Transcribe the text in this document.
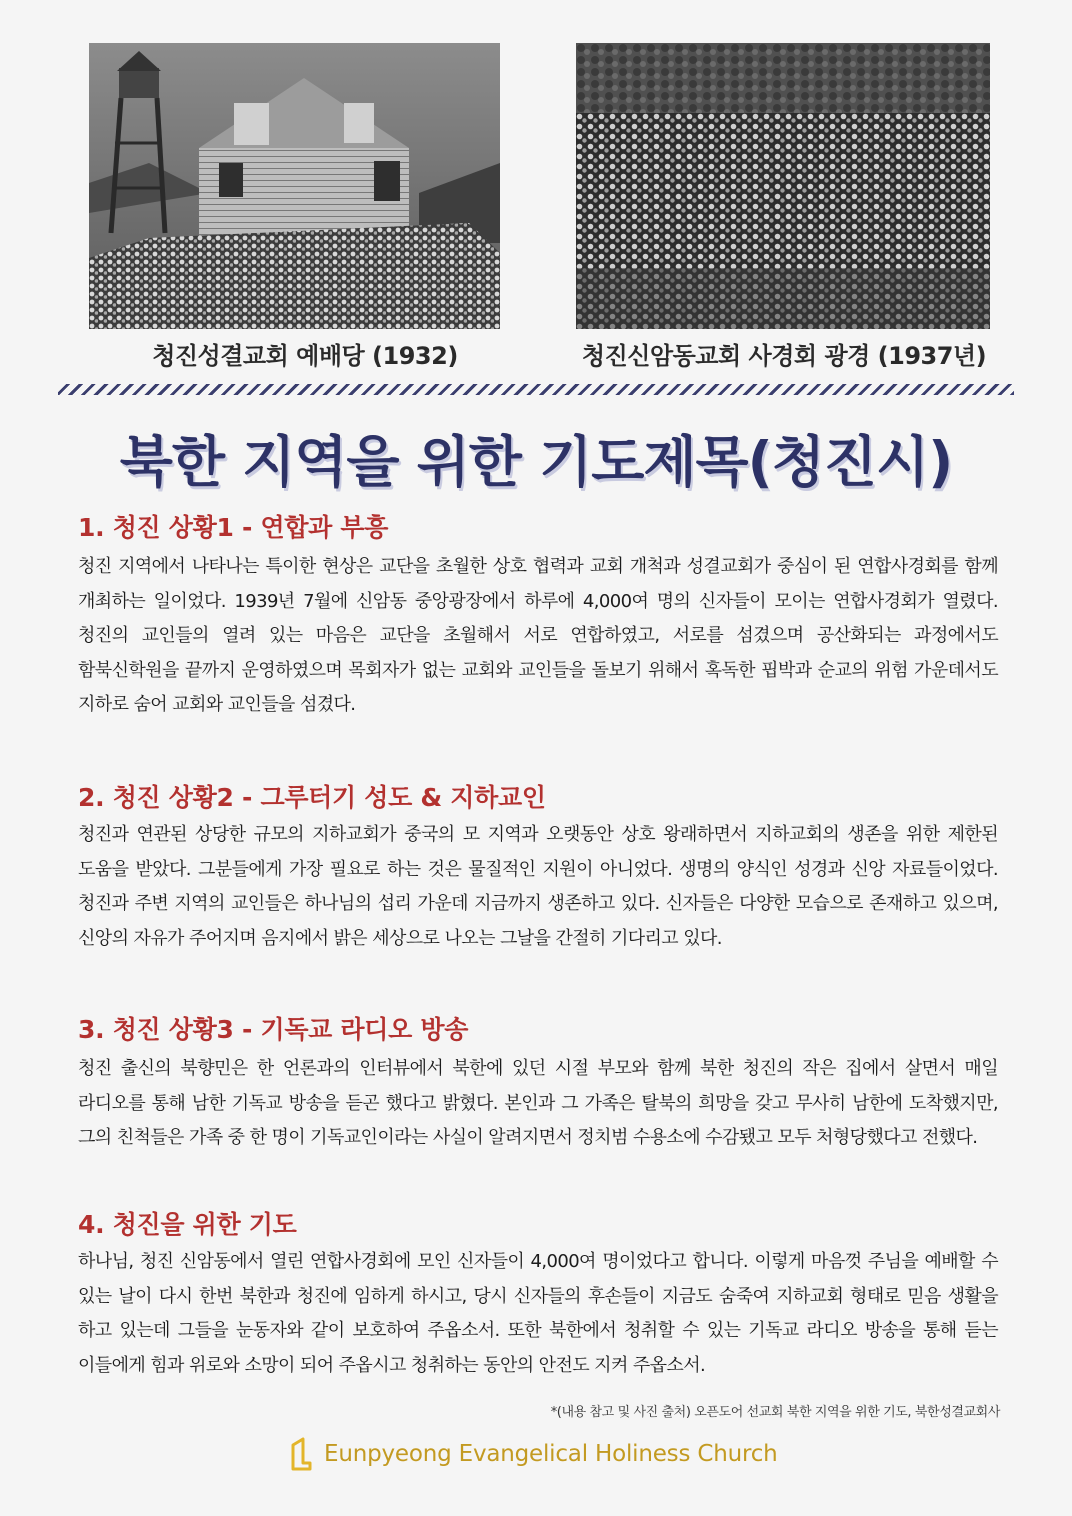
청진성결교회 예배당 (1932)	청진신암동교회 사경회 광경 (1937년)
북한 지역을 위한 기도제목(청진시)
1. 청진 상황1 - 연합과 부흥
청진 지역에서 나타나는 특이한 현상은 교단을 초월한 상호 협력과 교회 개척과 성결교회가 중심이 된 연합사경회를 함께 개최하는 일이었다. 1939년 7월에 신암동 중앙광장에서 하루에 4,000여 명의 신자들이 모이는 연합사경회가 열렸다. 청진의 교인들의 열려 있는 마음은 교단을 초월해서 서로 연합하였고, 서로를 섬겼으며 공산화되는 과정에서도 함북신학원을 끝까지 운영하였으며 목회자가 없는 교회와 교인들을 돌보기 위해서 혹독한 핍박과 순교의 위험 가운데서도 지하로 숨어 교회와 교인들을 섬겼다.
2. 청진 상황2 - 그루터기 성도 & 지하교인
청진과 연관된 상당한 규모의 지하교회가 중국의 모 지역과 오랫동안 상호 왕래하면서 지하교회의 생존을 위한 제한된 도움을 받았다. 그분들에게 가장 필요로 하는 것은 물질적인 지원이 아니었다. 생명의 양식인 성경과 신앙 자료들이었다. 청진과 주변 지역의 교인들은 하나님의 섭리 가운데 지금까지 생존하고 있다. 신자들은 다양한 모습으로 존재하고 있으며, 신앙의 자유가 주어지며 음지에서 밝은 세상으로 나오는 그날을 간절히 기다리고 있다.
3. 청진 상황3 - 기독교 라디오 방송
청진 출신의 북향민은 한 언론과의 인터뷰에서 북한에 있던 시절 부모와 함께 북한 청진의 작은 집에서 살면서 매일 라디오를 통해 남한 기독교 방송을 듣곤 했다고 밝혔다. 본인과 그 가족은 탈북의 희망을 갖고 무사히 남한에 도착했지만, 그의 친척들은 가족 중 한 명이 기독교인이라는 사실이 알려지면서 정치범 수용소에 수감됐고 모두 처형당했다고 전했다.
4. 청진을 위한 기도
하나님, 청진 신암동에서 열린 연합사경회에 모인 신자들이 4,000여 명이었다고 합니다. 이렇게 마음껏 주님을 예배할 수 있는 날이 다시 한번 북한과 청진에 임하게 하시고, 당시 신자들의 후손들이 지금도 숨죽여 지하교회 형태로 믿음 생활을 하고 있는데 그들을 눈동자와 같이 보호하여 주옵소서. 또한 북한에서 청취할 수 있는 기독교 라디오 방송을 통해 듣는 이들에게 힘과 위로와 소망이 되어 주옵시고 청취하는 동안의 안전도 지켜 주옵소서.
*(내용 참고 및 사진 출처) 오픈도어 선교회 북한 지역을 위한 기도, 북한성결교회사
Eunpyeong Evangelical Holiness Church
